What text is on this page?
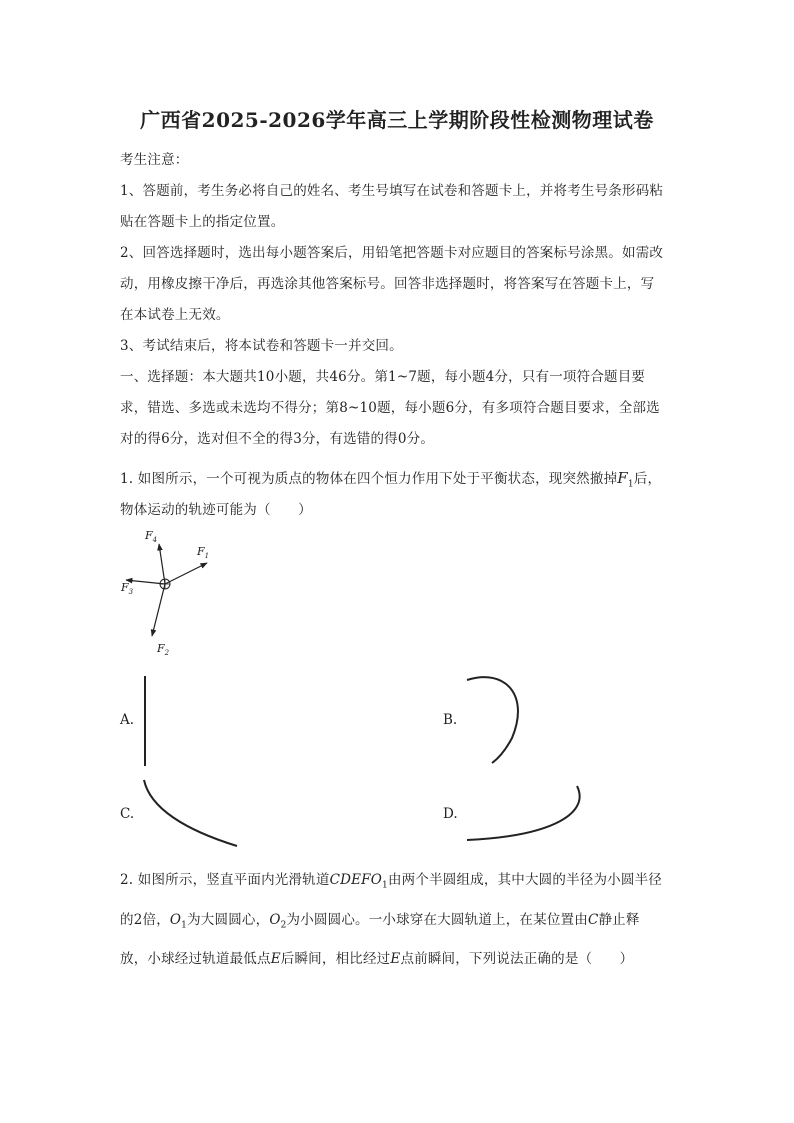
广西省2025-2026学年高三上学期阶段性检测物理试卷
考生注意：
1、答题前，考生务必将自己的姓名、考生号填写在试卷和答题卡上，并将考生号条形码粘
贴在答题卡上的指定位置。
2、回答选择题时，选出每小题答案后，用铅笔把答题卡对应题目的答案标号涂黑。如需改
动，用橡皮擦干净后，再选涂其他答案标号。回答非选择题时，将答案写在答题卡上，写
在本试卷上无效。
3、考试结束后，将本试卷和答题卡一并交回。
一、选择题：本大题共10小题，共46分。第1~7题，每小题4分，只有一项符合题目要
求，错选、多选或未选均不得分；第8~10题，每小题6分，有多项符合题目要求，全部选
对的得6分，选对但不全的得3分，有选错的得0分。
1. 如图所示，一个可视为质点的物体在四个恒力作用下处于平衡状态，现突然撤掉$F_1$后，
物体运动的轨迹可能为（　　）
$F_4$
$F_1$
$F_3$
$F_2$
A.	B.
C.	D.
2. 如图所示，竖直平面内光滑轨道$CDEFO_1$由两个半圆组成，其中大圆的半径为小圆半径
的2倍，$O_1$为大圆圆心，$O_2$为小圆圆心。一小球穿在大圆轨道上，在某位置由C静止释
放，小球经过轨道最低点E后瞬间，相比经过E点前瞬间，下列说法正确的是（　　）
